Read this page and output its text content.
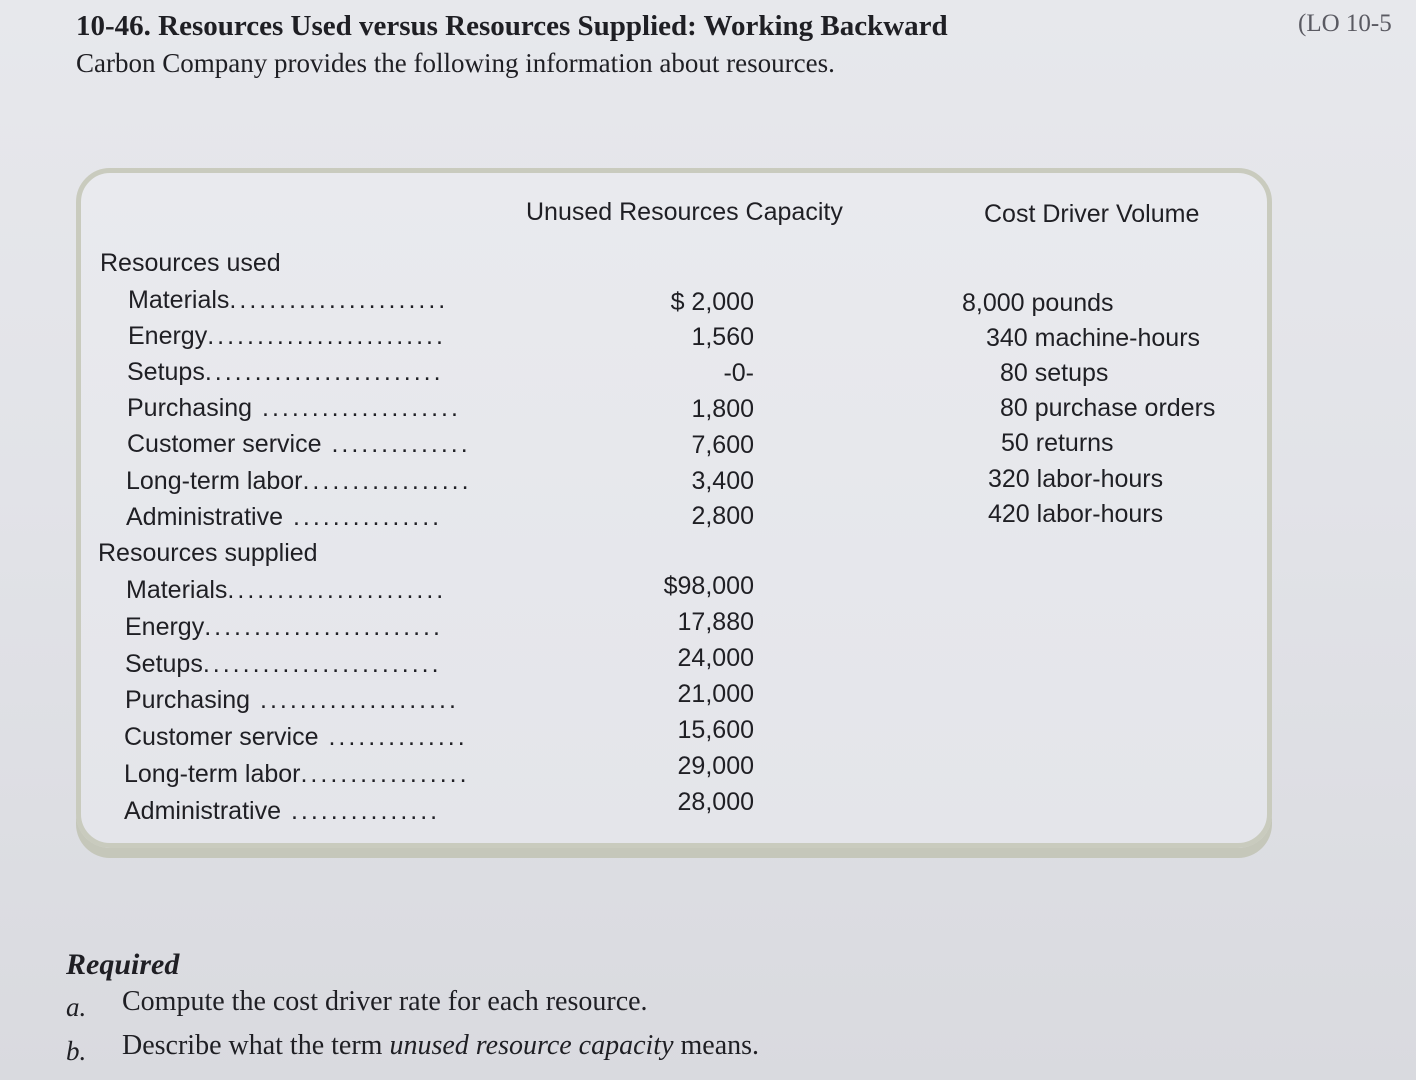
10-46. Resources Used versus Resources Supplied: Working Backward	(LO 10-5
Carbon Company provides the following information about resources.
Unused Resources Capacity	Cost Driver Volume
Resources used
Materials......................	$ 2,000	8,000 pounds
Energy........................	1,560	340 machine-hours
Setups........................	-0-	80 setups
Purchasing ....................	1,800	80 purchase orders
Customer service ..............	7,600	50 returns
Long-term labor.................	3,400	320 labor-hours
Administrative ...............	2,800	420 labor-hours
Resources supplied
Materials......................	$98,000
Energy........................	17,880
Setups........................	24,000
Purchasing ....................	21,000
Customer service ..............	15,600
Long-term labor.................	29,000
Administrative ...............	28,000
Required
a. Compute the cost driver rate for each resource.
b. Describe what the term unused resource capacity means.
